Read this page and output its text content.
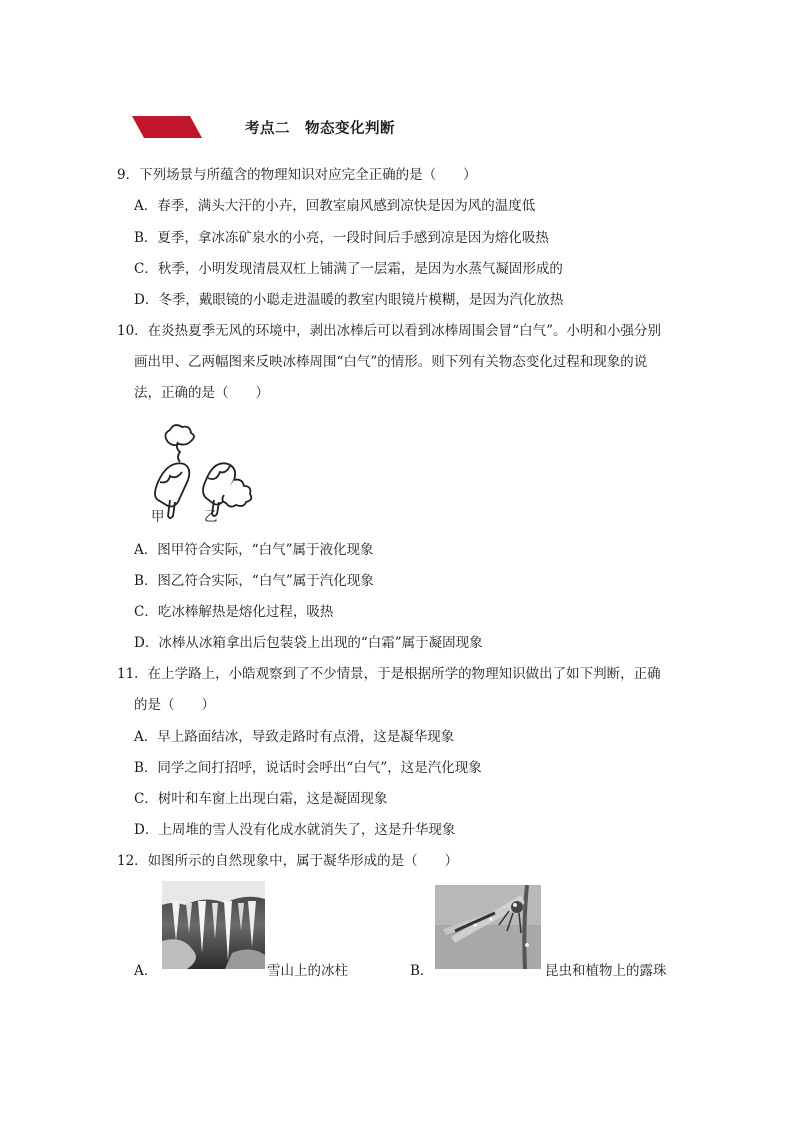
考点二　物态变化判断
9．下列场景与所蕴含的物理知识对应完全正确的是（　　）
A．春季，满头大汗的小卉，回教室扇风感到凉快是因为风的温度低
B．夏季，拿冰冻矿泉水的小亮，一段时间后手感到凉是因为熔化吸热
C．秋季，小明发现清晨双杠上铺满了一层霜，是因为水蒸气凝固形成的
D．冬季，戴眼镜的小聪走进温暖的教室内眼镜片模糊，是因为汽化放热
10．在炎热夏季无风的环境中，剥出冰棒后可以看到冰棒周围会冒“白气”。小明和小强分别
画出甲、乙两幅图来反映冰棒周围“白气”的情形。则下列有关物态变化过程和现象的说
法，正确的是（　　）
甲	乙
A．图甲符合实际，“白气”属于液化现象
B．图乙符合实际，“白气”属于汽化现象
C．吃冰棒解热是熔化过程，吸热
D．冰棒从冰箱拿出后包装袋上出现的“白霜”属于凝固现象
11．在上学路上，小皓观察到了不少情景，于是根据所学的物理知识做出了如下判断，正确
的是（　　）
A．早上路面结冰，导致走路时有点滑，这是凝华现象
B．同学之间打招呼，说话时会呼出“白气”，这是汽化现象
C．树叶和车窗上出现白霜，这是凝固现象
D．上周堆的雪人没有化成水就消失了，这是升华现象
12．如图所示的自然现象中，属于凝华形成的是（　　）
A．	雪山上的冰柱	B．	昆虫和植物上的露珠
